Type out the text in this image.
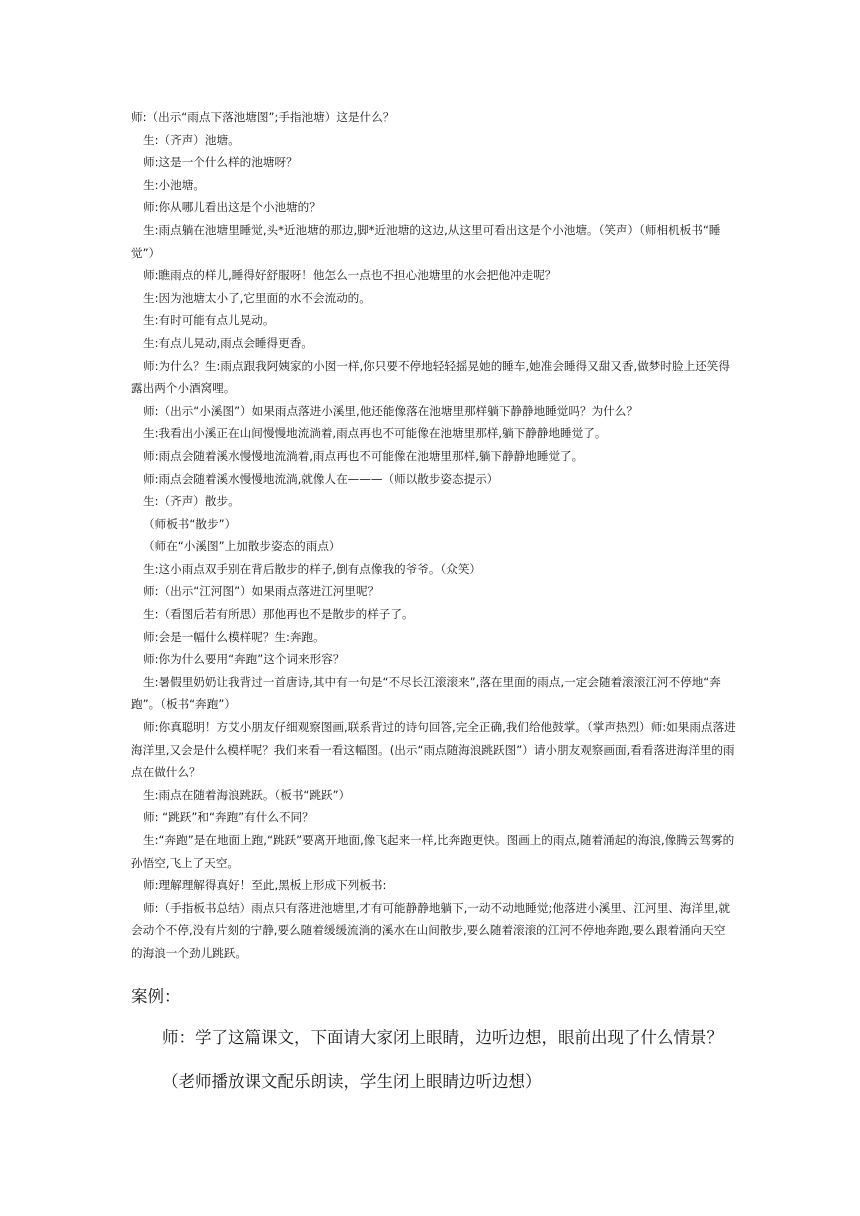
师:（出示“雨点下落池塘图”;手指池塘）这是什么？

生:（齐声）池塘。

师:这是一个什么样的池塘呀？

生:小池塘。

师:你从哪儿看出这是个小池塘的？

生:雨点躺在池塘里睡觉,头*近池塘的那边,脚*近池塘的这边,从这里可看出这是个小池塘。（笑声）（师相机板书“睡觉”）

师:瞧雨点的样儿,睡得好舒服呀！他怎么一点也不担心池塘里的水会把他冲走呢？

生:因为池塘太小了,它里面的水不会流动的。

生:有时可能有点儿晃动。

生:有点儿晃动,雨点会睡得更香。

师:为什么？生:雨点跟我阿姨家的小囡一样,你只要不停地轻轻摇晃她的睡车,她准会睡得又甜又香,做梦时脸上还笑得露出两个小酒窝哩。

师:（出示“小溪图”）如果雨点落进小溪里,他还能像落在池塘里那样躺下静静地睡觉吗？为什么？

生:我看出小溪正在山间慢慢地流淌着,雨点再也不可能像在池塘里那样,躺下静静地睡觉了。

师:雨点会随着溪水慢慢地流淌着,雨点再也不可能像在池塘里那样,躺下静静地睡觉了。

师:雨点会随着溪水慢慢地流淌,就像人在———（师以散步姿态提示）

生:（齐声）散步。

（师板书“散步”）

（师在“小溪图”上加散步姿态的雨点）

生:这小雨点双手别在背后散步的样子,倒有点像我的爷爷。（众笑）

师:（出示“江河图”）如果雨点落进江河里呢？

生:（看图后若有所思）那他再也不是散步的样子了。

师:会是一幅什么模样呢？生:奔跑。

师:你为什么要用“奔跑”这个词来形容？

生:暑假里奶奶让我背过一首唐诗,其中有一句是“不尽长江滚滚来”,落在里面的雨点,一定会随着滚滚江河不停地“奔跑”。（板书“奔跑”）

师:你真聪明！方艾小朋友仔细观察图画,联系背过的诗句回答,完全正确,我们给他鼓掌。（掌声热烈）师:如果雨点落进海洋里,又会是什么模样呢？我们来看一看这幅图。(出示“雨点随海浪跳跃图”）请小朋友观察画面,看看落进海洋里的雨点在做什么？

生:雨点在随着海浪跳跃。（板书“跳跃”）

师: “跳跃”和“奔跑”有什么不同？

生:“奔跑”是在地面上跑,“跳跃”要离开地面,像飞起来一样,比奔跑更快。图画上的雨点,随着涌起的海浪,像腾云驾雾的孙悟空,飞上了天空。

师:理解理解得真好！至此,黑板上形成下列板书:

师:（手指板书总结）雨点只有落进池塘里,才有可能静静地躺下,一动不动地睡觉;他落进小溪里、江河里、海洋里,就会动个不停,没有片刻的宁静,要么随着缓缓流淌的溪水在山间散步,要么随着滚滚的江河不停地奔跑,要么跟着涌向天空的海浪一个劲儿跳跃。

案例：

师：学了这篇课文，下面请大家闭上眼睛，边听边想，眼前出现了什么情景？

（老师播放课文配乐朗读，学生闭上眼睛边听边想）
